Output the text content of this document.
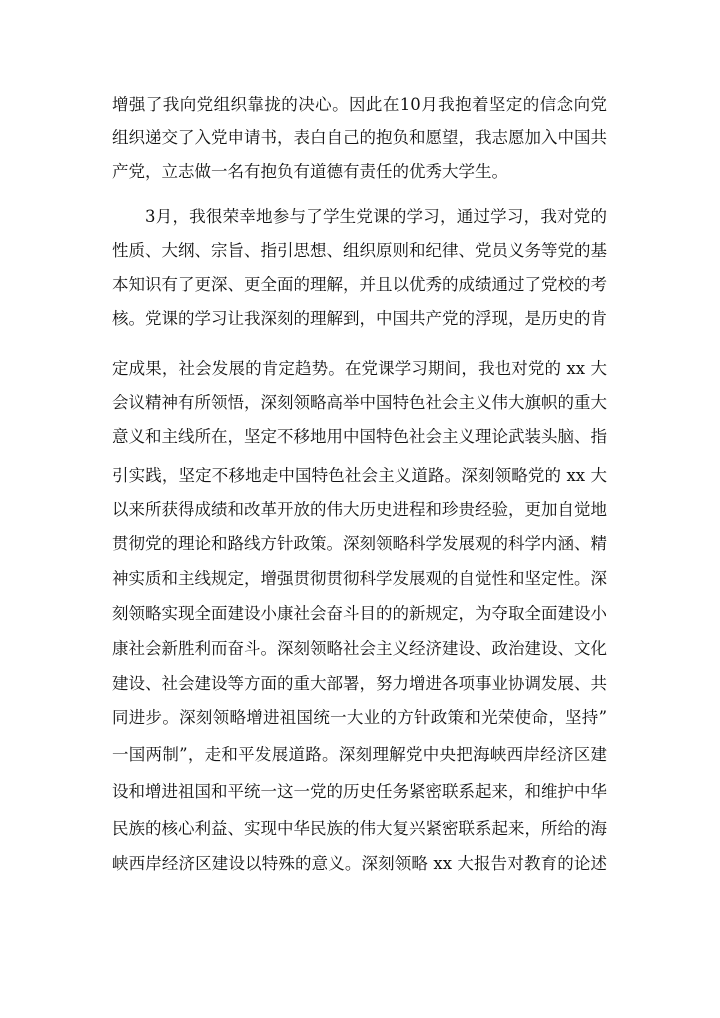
增强了我向党组织靠拢的决心。因此在10月我抱着坚定的信念向党
组织递交了入党申请书，表白自己的抱负和愿望，我志愿加入中国共
产党，立志做一名有抱负有道德有责任的优秀大学生。
3月，我很荣幸地参与了学生党课的学习，通过学习，我对党的
性质、大纲、宗旨、指引思想、组织原则和纪律、党员义务等党的基
本知识有了更深、更全面的理解，并且以优秀的成绩通过了党校的考
核。党课的学习让我深刻的理解到，中国共产党的浮现，是历史的肯
定成果，社会发展的肯定趋势。在党课学习期间，我也对党的 xx 大
会议精神有所领悟，深刻领略高举中国特色社会主义伟大旗帜的重大
意义和主线所在，坚定不移地用中国特色社会主义理论武装头脑、指
引实践，坚定不移地走中国特色社会主义道路。深刻领略党的 xx 大
以来所获得成绩和改革开放的伟大历史进程和珍贵经验，更加自觉地
贯彻党的理论和路线方针政策。深刻领略科学发展观的科学内涵、精
神实质和主线规定，增强贯彻贯彻科学发展观的自觉性和坚定性。深
刻领略实现全面建设小康社会奋斗目的的新规定，为夺取全面建设小
康社会新胜利而奋斗。深刻领略社会主义经济建设、政治建设、文化
建设、社会建设等方面的重大部署，努力增进各项事业协调发展、共
同进步。深刻领略增进祖国统一大业的方针政策和光荣使命，坚持”
一国两制”，走和平发展道路。深刻理解党中央把海峡西岸经济区建
设和增进祖国和平统一这一党的历史任务紧密联系起来，和维护中华
民族的核心利益、实现中华民族的伟大复兴紧密联系起来，所给的海
峡西岸经济区建设以特殊的意义。深刻领略 xx 大报告对教育的论述
